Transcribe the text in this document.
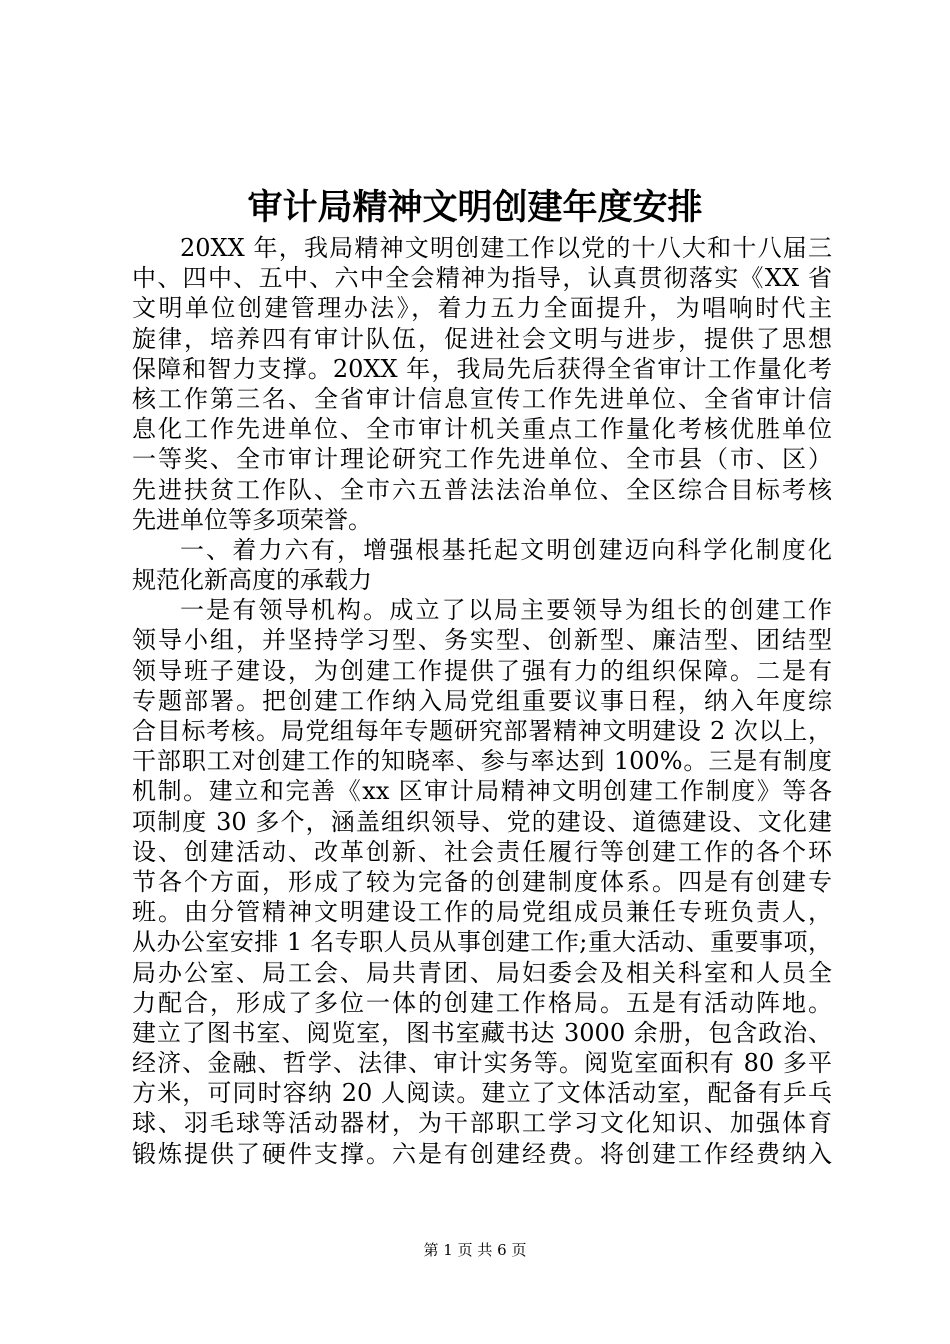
审计局精神文明创建年度安排
20XX 年，我局精神文明创建工作以党的十八大和十八届三
中、四中、五中、六中全会精神为指导，认真贯彻落实《XX 省
文明单位创建管理办法》，着力五力全面提升，为唱响时代主
旋律，培养四有审计队伍，促进社会文明与进步，提供了思想
保障和智力支撑。20XX 年，我局先后获得全省审计工作量化考
核工作第三名、全省审计信息宣传工作先进单位、全省审计信
息化工作先进单位、全市审计机关重点工作量化考核优胜单位
一等奖、全市审计理论研究工作先进单位、全市县（市、区）
先进扶贫工作队、全市六五普法法治单位、全区综合目标考核
先进单位等多项荣誉。
一、着力六有，增强根基托起文明创建迈向科学化制度化
规范化新高度的承载力
一是有领导机构。成立了以局主要领导为组长的创建工作
领导小组，并坚持学习型、务实型、创新型、廉洁型、团结型
领导班子建设，为创建工作提供了强有力的组织保障。二是有
专题部署。把创建工作纳入局党组重要议事日程，纳入年度综
合目标考核。局党组每年专题研究部署精神文明建设 2 次以上，
干部职工对创建工作的知晓率、参与率达到 100%。三是有制度
机制。建立和完善《xx 区审计局精神文明创建工作制度》等各
项制度 30 多个，涵盖组织领导、党的建设、道德建设、文化建
设、创建活动、改革创新、社会责任履行等创建工作的各个环
节各个方面，形成了较为完备的创建制度体系。四是有创建专
班。由分管精神文明建设工作的局党组成员兼任专班负责人，
从办公室安排 1 名专职人员从事创建工作;重大活动、重要事项，
局办公室、局工会、局共青团、局妇委会及相关科室和人员全
力配合，形成了多位一体的创建工作格局。五是有活动阵地。
建立了图书室、阅览室，图书室藏书达 3000 余册，包含政治、
经济、金融、哲学、法律、审计实务等。阅览室面积有 80 多平
方米，可同时容纳 20 人阅读。建立了文体活动室，配备有乒乓
球、羽毛球等活动器材，为干部职工学习文化知识、加强体育
锻炼提供了硬件支撑。六是有创建经费。将创建工作经费纳入
第 1 页 共 6 页
